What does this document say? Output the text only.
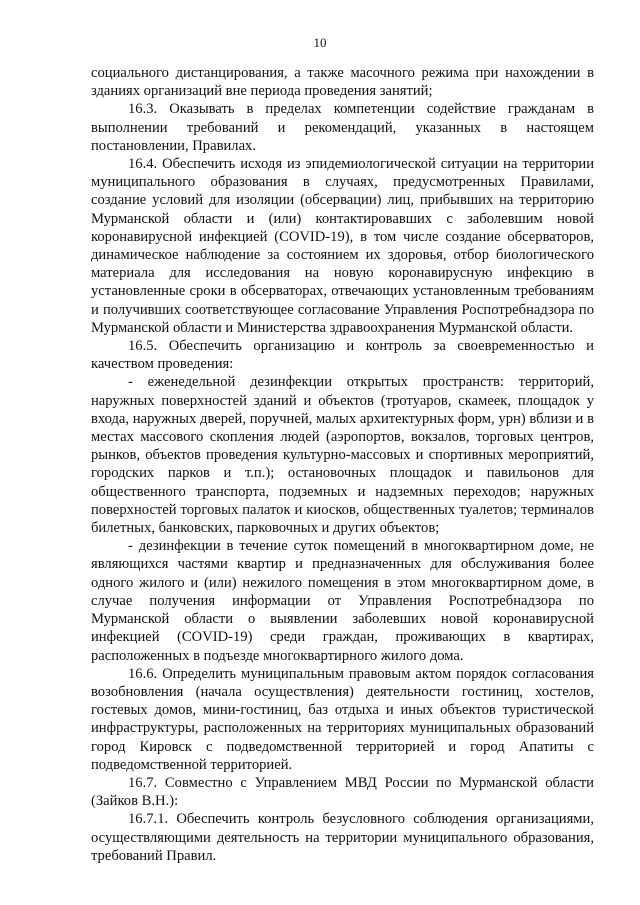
10

социального дистанцирования, а также масочного режима при нахождении в зданиях организаций вне периода проведения занятий;

16.3. Оказывать в пределах компетенции содействие гражданам в выполнении требований и рекомендаций, указанных в настоящем постановлении, Правилах.

16.4. Обеспечить исходя из эпидемиологической ситуации на территории муниципального образования в случаях, предусмотренных Правилами, создание условий для изоляции (обсервации) лиц, прибывших на территорию Мурманской области и (или) контактировавших с заболевшим новой коронавирусной инфекцией (COVID-19), в том числе создание обсерваторов, динамическое наблюдение за состоянием их здоровья, отбор биологического материала для исследования на новую коронавирусную инфекцию в установленные сроки в обсерваторах, отвечающих установленным требованиям и получивших соответствующее согласование Управления Роспотребнадзора по Мурманской области и Министерства здравоохранения Мурманской области.

16.5. Обеспечить организацию и контроль за своевременностью и качеством проведения:

- еженедельной дезинфекции открытых пространств: территорий, наружных поверхностей зданий и объектов (тротуаров, скамеек, площадок у входа, наружных дверей, поручней, малых архитектурных форм, урн) вблизи и в местах массового скопления людей (аэропортов, вокзалов, торговых центров, рынков, объектов проведения культурно-массовых и спортивных мероприятий, городских парков и т.п.); остановочных площадок и павильонов для общественного транспорта, подземных и надземных переходов; наружных поверхностей торговых палаток и киосков, общественных туалетов; терминалов билетных, банковских, парковочных и других объектов;

- дезинфекции в течение суток помещений в многоквартирном доме, не являющихся частями квартир и предназначенных для обслуживания более одного жилого и (или) нежилого помещения в этом многоквартирном доме, в случае получения информации от Управления Роспотребнадзора по Мурманской области о выявлении заболевших новой коронавирусной инфекцией (COVID-19) среди граждан, проживающих в квартирах, расположенных в подъезде многоквартирного жилого дома.

16.6. Определить муниципальным правовым актом порядок согласования возобновления (начала осуществления) деятельности гостиниц, хостелов, гостевых домов, мини-гостиниц, баз отдыха и иных объектов туристической инфраструктуры, расположенных на территориях муниципальных образований город Кировск с подведомственной территорией и город Апатиты с подведомственной территорией.

16.7. Совместно с Управлением МВД России по Мурманской области (Зайков В.Н.):

16.7.1. Обеспечить контроль безусловного соблюдения организациями, осуществляющими деятельность на территории муниципального образования, требований Правил.
